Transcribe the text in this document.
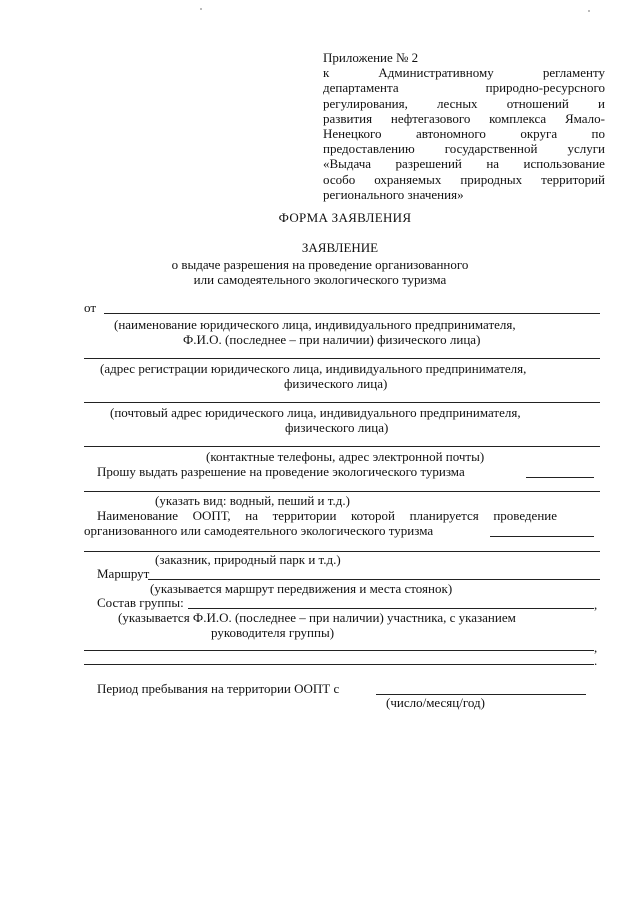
Приложение № 2
к	Административному	регламенту
департамента	природно-ресурсного
регулирования, лесных отношений и
развития нефтегазового комплекса Ямало-
Ненецкого	автономного	округа	по
предоставлению государственной услуги
«Выдача разрешений на использование
особо охраняемых природных территорий
регионального значения»
ФОРМА ЗАЯВЛЕНИЯ
ЗАЯВЛЕНИЕ
о выдаче разрешения на проведение организованного
или самодеятельного экологического туризма
от
(наименование юридического лица, индивидуального предпринимателя,
Ф.И.О. (последнее – при наличии) физического лица)
(адрес регистрации юридического лица, индивидуального предпринимателя,
физического лица)
(почтовый адрес юридического лица, индивидуального предпринимателя,
физического лица)
(контактные телефоны, адрес электронной почты)
Прошу выдать разрешение на проведение экологического туризма
(указать вид: водный, пеший и т.д.)
Наименование ООПТ, на территории которой планируется проведение
организованного или самодеятельного экологического туризма
(заказник, природный парк и т.д.)
Маршрут
(указывается маршрут передвижения и места стоянок)
Состав группы:	,
(указывается Ф.И.О. (последнее – при наличии) участника, с указанием
руководителя группы)
,
.
Период пребывания на территории ООПТ с
(число/месяц/год)
